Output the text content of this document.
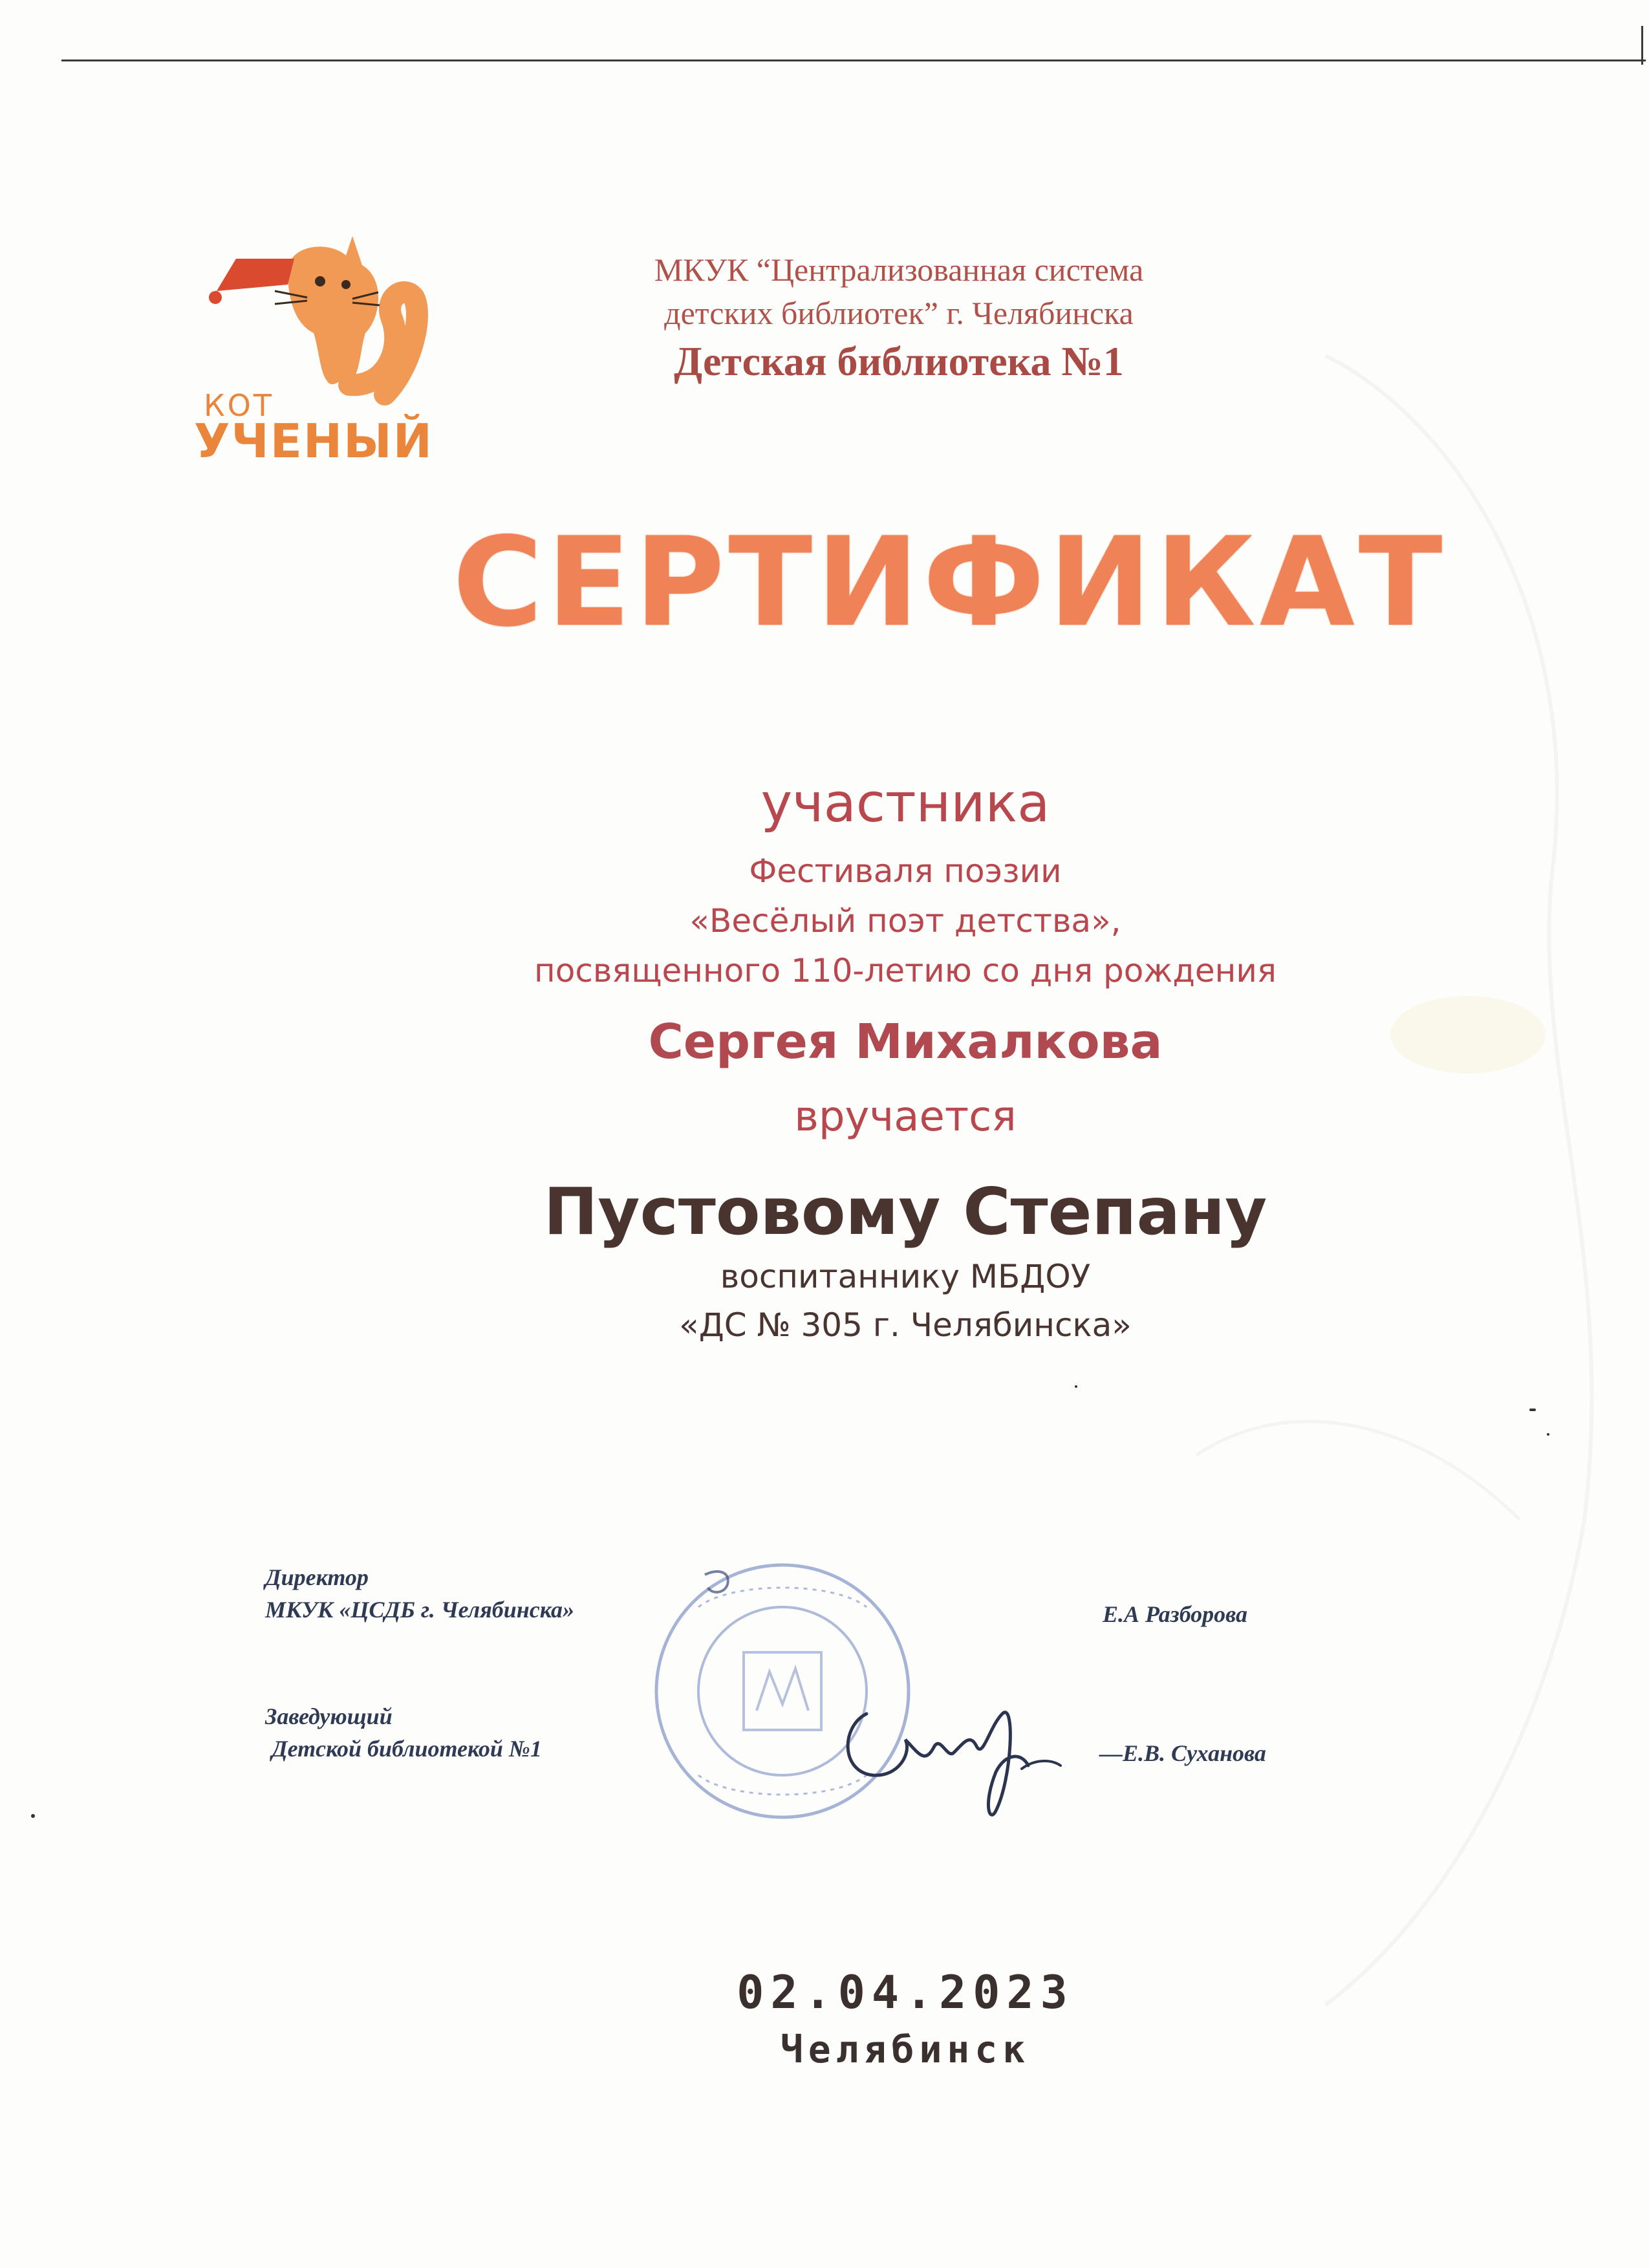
КОТ
УЧЕНЫЙ
МКУК “Централизованная система
детских библиотек” г. Челябинска
Детская библиотека №1
СЕРТИФИКАТ
участника
Фестиваля поэзии
«Весёлый поэт детства»,
посвященного 110-летию со дня рождения
Сергея Михалкова
вручается
Пустовому Степану
воспитаннику МБДОУ
«ДС № 305 г. Челябинска»
Директор
МКУК «ЦСДБ г. Челябинска»	Е.А Разборова
Заведующий
Детской библиотекой №1	—Е.В. Суханова
02.04.2023
Челябинск
